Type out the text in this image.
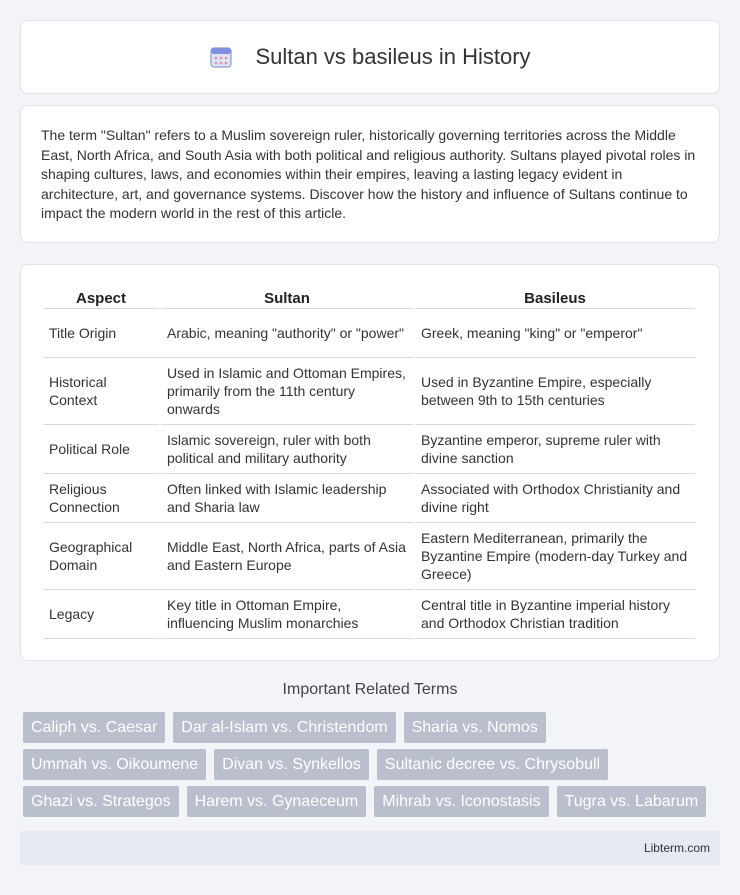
Sultan vs basileus in History

The term "Sultan" refers to a Muslim sovereign ruler, historically governing territories across the Middle East, North Africa, and South Asia with both political and religious authority. Sultans played pivotal roles in shaping cultures, laws, and economies within their empires, leaving a lasting legacy evident in architecture, art, and governance systems. Discover how the history and influence of Sultans continue to impact the modern world in the rest of this article.

Aspect	Sultan	Basileus
Title Origin	Arabic, meaning "authority" or "power"	Greek, meaning "king" or "emperor"
Historical Context	Used in Islamic and Ottoman Empires, primarily from the 11th century onwards	Used in Byzantine Empire, especially between 9th to 15th centuries
Political Role	Islamic sovereign, ruler with both political and military authority	Byzantine emperor, supreme ruler with divine sanction
Religious Connection	Often linked with Islamic leadership and Sharia law	Associated with Orthodox Christianity and divine right
Geographical Domain	Middle East, North Africa, parts of Asia and Eastern Europe	Eastern Mediterranean, primarily the Byzantine Empire (modern-day Turkey and Greece)
Legacy	Key title in Ottoman Empire, influencing Muslim monarchies	Central title in Byzantine imperial history and Orthodox Christian tradition
Important Related Terms
Caliph vs. Caesar	Dar al-Islam vs. Christendom	Sharia vs. Nomos
Ummah vs. Oikoumene	Divan vs. Synkellos	Sultanic decree vs. Chrysobull
Ghazi vs. Strategos	Harem vs. Gynaeceum	Mihrab vs. Iconostasis	Tugra vs. Labarum
Libterm.com
